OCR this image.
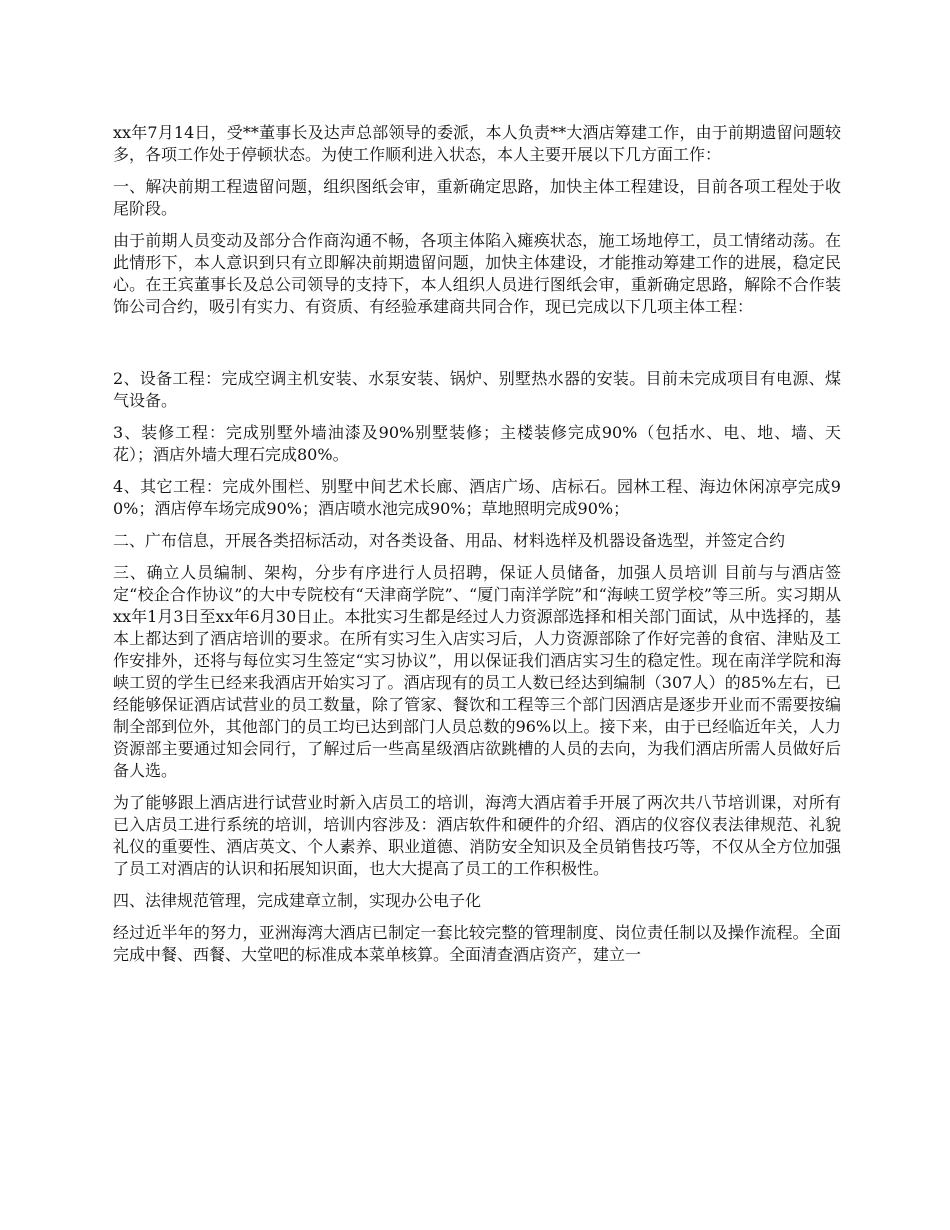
xx年7月14日，受**董事长及达声总部领导的委派，本人负责**大酒店筹建工作，由于前期遗留问题较多，各项工作处于停顿状态。为使工作顺利进入状态，本人主要开展以下几方面工作：

一、解决前期工程遗留问题，组织图纸会审，重新确定思路，加快主体工程建设，目前各项工程处于收尾阶段。

由于前期人员变动及部分合作商沟通不畅，各项主体陷入瘫痪状态，施工场地停工，员工情绪动荡。在此情形下，本人意识到只有立即解决前期遗留问题，加快主体建设，才能推动筹建工作的进展，稳定民心。在王宾董事长及总公司领导的支持下，本人组织人员进行图纸会审，重新确定思路，解除不合作装饰公司合约，吸引有实力、有资质、有经验承建商共同合作，现已完成以下几项主体工程：

2、设备工程：完成空调主机安装、水泵安装、锅炉、别墅热水器的安装。目前未完成项目有电源、煤气设备。

3、装修工程：完成别墅外墙油漆及90%别墅装修；主楼装修完成90%（包括水、电、地、墙、天花）；酒店外墙大理石完成80%。

4、其它工程：完成外围栏、别墅中间艺术长廊、酒店广场、店标石。园林工程、海边休闲凉亭完成90%；酒店停车场完成90%；酒店喷水池完成90%；草地照明完成90%；

二、广布信息，开展各类招标活动，对各类设备、用品、材料选样及机器设备选型，并签定合约

三、确立人员编制、架构，分步有序进行人员招聘，保证人员储备，加强人员培训 目前与与酒店签定“校企合作协议”的大中专院校有“天津商学院”、“厦门南洋学院”和“海峡工贸学校”等三所。实习期从xx年1月3日至xx年6月30日止。本批实习生都是经过人力资源部选择和相关部门面试，从中选择的，基本上都达到了酒店培训的要求。在所有实习生入店实习后，人力资源部除了作好完善的食宿、津贴及工作安排外，还将与每位实习生签定“实习协议”，用以保证我们酒店实习生的稳定性。现在南洋学院和海峡工贸的学生已经来我酒店开始实习了。酒店现有的员工人数已经达到编制（307人）的85%左右，已经能够保证酒店试营业的员工数量，除了管家、餐饮和工程等三个部门因酒店是逐步开业而不需要按编制全部到位外，其他部门的员工均已达到部门人员总数的96%以上。接下来，由于已经临近年关，人力资源部主要通过知会同行，了解过后一些高星级酒店欲跳槽的人员的去向，为我们酒店所需人员做好后备人选。

为了能够跟上酒店进行试营业时新入店员工的培训，海湾大酒店着手开展了两次共八节培训课，对所有已入店员工进行系统的培训，培训内容涉及：酒店软件和硬件的介绍、酒店的仪容仪表法律规范、礼貌礼仪的重要性、酒店英文、个人素养、职业道德、消防安全知识及全员销售技巧等，不仅从全方位加强了员工对酒店的认识和拓展知识面，也大大提高了员工的工作积极性。

四、法律规范管理，完成建章立制，实现办公电子化

经过近半年的努力，亚洲海湾大酒店已制定一套比较完整的管理制度、岗位责任制以及操作流程。全面完成中餐、西餐、大堂吧的标准成本菜单核算。全面清查酒店资产，建立一
